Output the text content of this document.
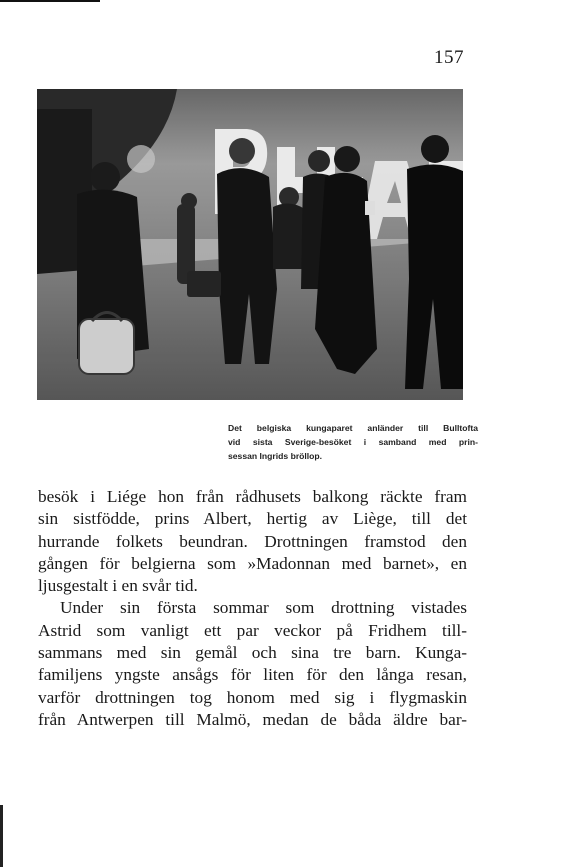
157
Det belgiska kungaparet anländer till Bulltofta
vid sista Sverige-besöket i samband med prin-
sessan Ingrids bröllop.
besök i Liége hon från rådhusets balkong räckte fram
sin sistfödde, prins Albert, hertig av Liège, till det
hurrande folkets beundran. Drottningen framstod den
gången för belgierna som »Madonnan med barnet», en
ljusgestalt i en svår tid.
Under sin första sommar som drottning vistades
Astrid som vanligt ett par veckor på Fridhem till-
sammans med sin gemål och sina tre barn. Kunga-
familjens yngste ansågs för liten för den långa resan,
varför drottningen tog honom med sig i flygmaskin
från Antwerpen till Malmö, medan de båda äldre bar-
